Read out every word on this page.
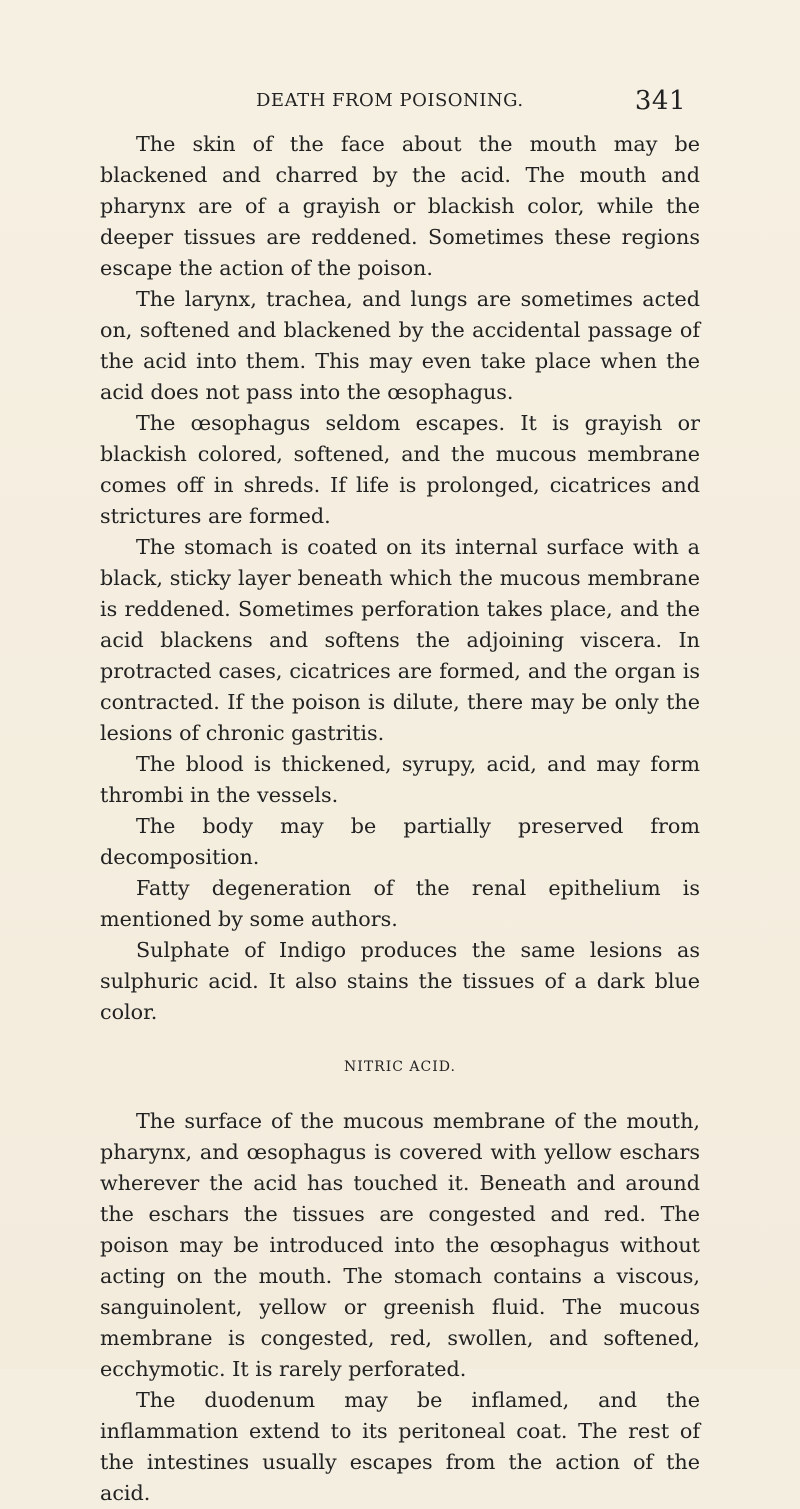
DEATH FROM POISONING.	341

The skin of the face about the mouth may be blackened and charred by the acid. The mouth and pharynx are of a grayish or blackish color, while the deeper tissues are reddened. Sometimes these regions escape the action of the poison.

The larynx, trachea, and lungs are sometimes acted on, softened and blackened by the accidental passage of the acid into them. This may even take place when the acid does not pass into the œsophagus.

The œsophagus seldom escapes. It is grayish or blackish colored, softened, and the mucous membrane comes off in shreds. If life is prolonged, cicatrices and strictures are formed.

The stomach is coated on its internal surface with a black, sticky layer beneath which the mucous membrane is reddened. Sometimes perforation takes place, and the acid blackens and softens the adjoining viscera. In protracted cases, cicatrices are formed, and the organ is contracted. If the poison is dilute, there may be only the lesions of chronic gastritis.

The blood is thickened, syrupy, acid, and may form thrombi in the vessels.

The body may be partially preserved from decomposition.

Fatty degeneration of the renal epithelium is mentioned by some authors.

Sulphate of Indigo produces the same lesions as sulphuric acid. It also stains the tissues of a dark blue color.

NITRIC ACID.

The surface of the mucous membrane of the mouth, pharynx, and œsophagus is covered with yellow eschars wherever the acid has touched it. Beneath and around the eschars the tissues are congested and red. The poison may be introduced into the œsophagus without acting on the mouth. The stomach contains a viscous, sanguinolent, yellow or greenish fluid. The mucous membrane is congested, red, swollen, and softened, ecchymotic. It is rarely perforated.

The duodenum may be inflamed, and the inflammation extend to its peritoneal coat. The rest of the intestines usually escapes from the action of the acid.
